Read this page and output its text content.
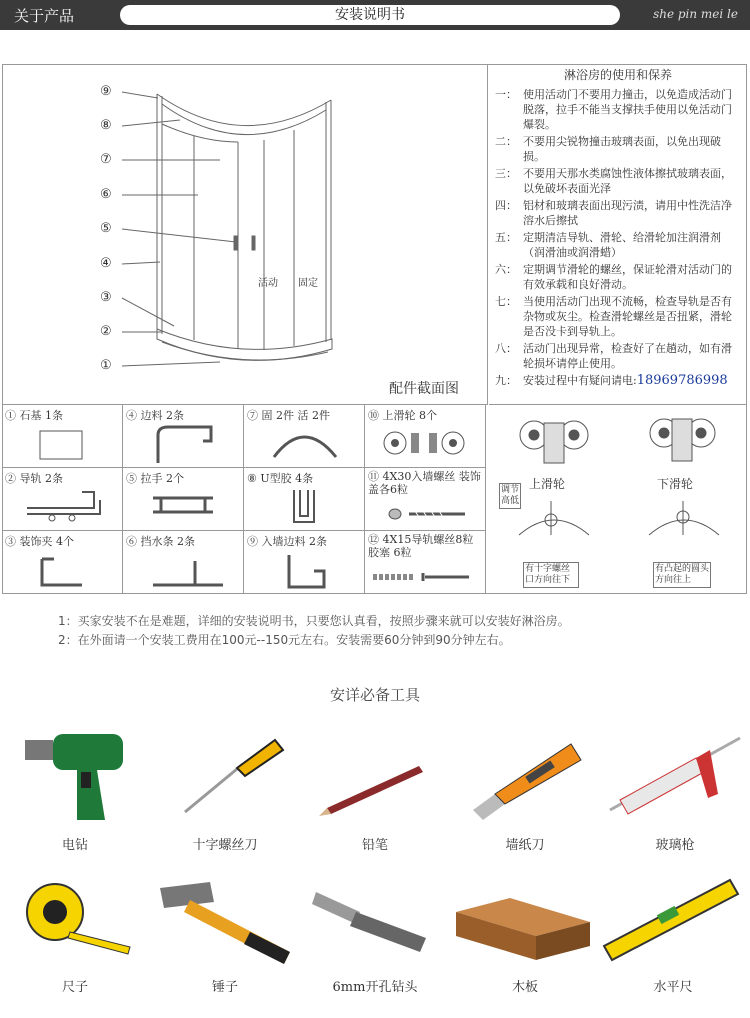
关于产品	安装说明书	she pin mei le
⑨
⑧
⑦
⑥
⑤
④
③
②
①
活动 固定
配件截面图
淋浴房的使用和保养
一： 使用活动门不要用力撞击，以免造成活动门脱落，拉手不能当支撑扶手使用以免活动门爆裂。
二： 不要用尖锐物撞击玻璃表面，以免出现破损。
三： 不要用天那水类腐蚀性液体擦拭玻璃表面，以免破坏表面光泽
四： 铝材和玻璃表面出现污渍，请用中性洗洁净溶水后擦拭
五： 定期清洁导轨、滑轮、给滑轮加注润滑剂（润滑油或润滑蜡）
六： 定期调节滑轮的螺丝，保证轮滑对活动门的有效承载和良好滑动。
七： 当使用活动门出现不流畅，检查导轨是否有杂物或灰尘。检查滑轮螺丝是否扭紧，滑轮是否没卡到导轨上。
八： 活动门出现异常，检查好了在趟动，如有滑轮损坏请停止使用。
九： 安装过程中有疑问请电:18969786998
① 石基 1条	④ 边料 2条	⑦ 固 2件 活 2件	⑩ 上滑轮 8个
② 导轨 2条	⑤ 拉手 2个	⑧ U型胶 4条	⑪ 4X30入墙螺丝 装饰盖各6粒
③ 装饰夹 4个	⑥ 挡水条 2条	⑨ 入墙边料 2条	⑫ 4X15导轨螺丝8粒 胶塞 6粒
上滑轮	下滑轮
调节高低
有十字螺丝口方向往下
有凸起的圆头方向往上
1：买家安装不在是难题，详细的安装说明书，只要您认真看，按照步骤来就可以安装好淋浴房。
2：在外面请一个安装工费用在100元--150元左右。安装需要60分钟到90分钟左右。
安详必备工具
电钻	十字螺丝刀	铅笔	墙纸刀	玻璃枪
尺子	锤子	6mm开孔钻头	木板	水平尺
